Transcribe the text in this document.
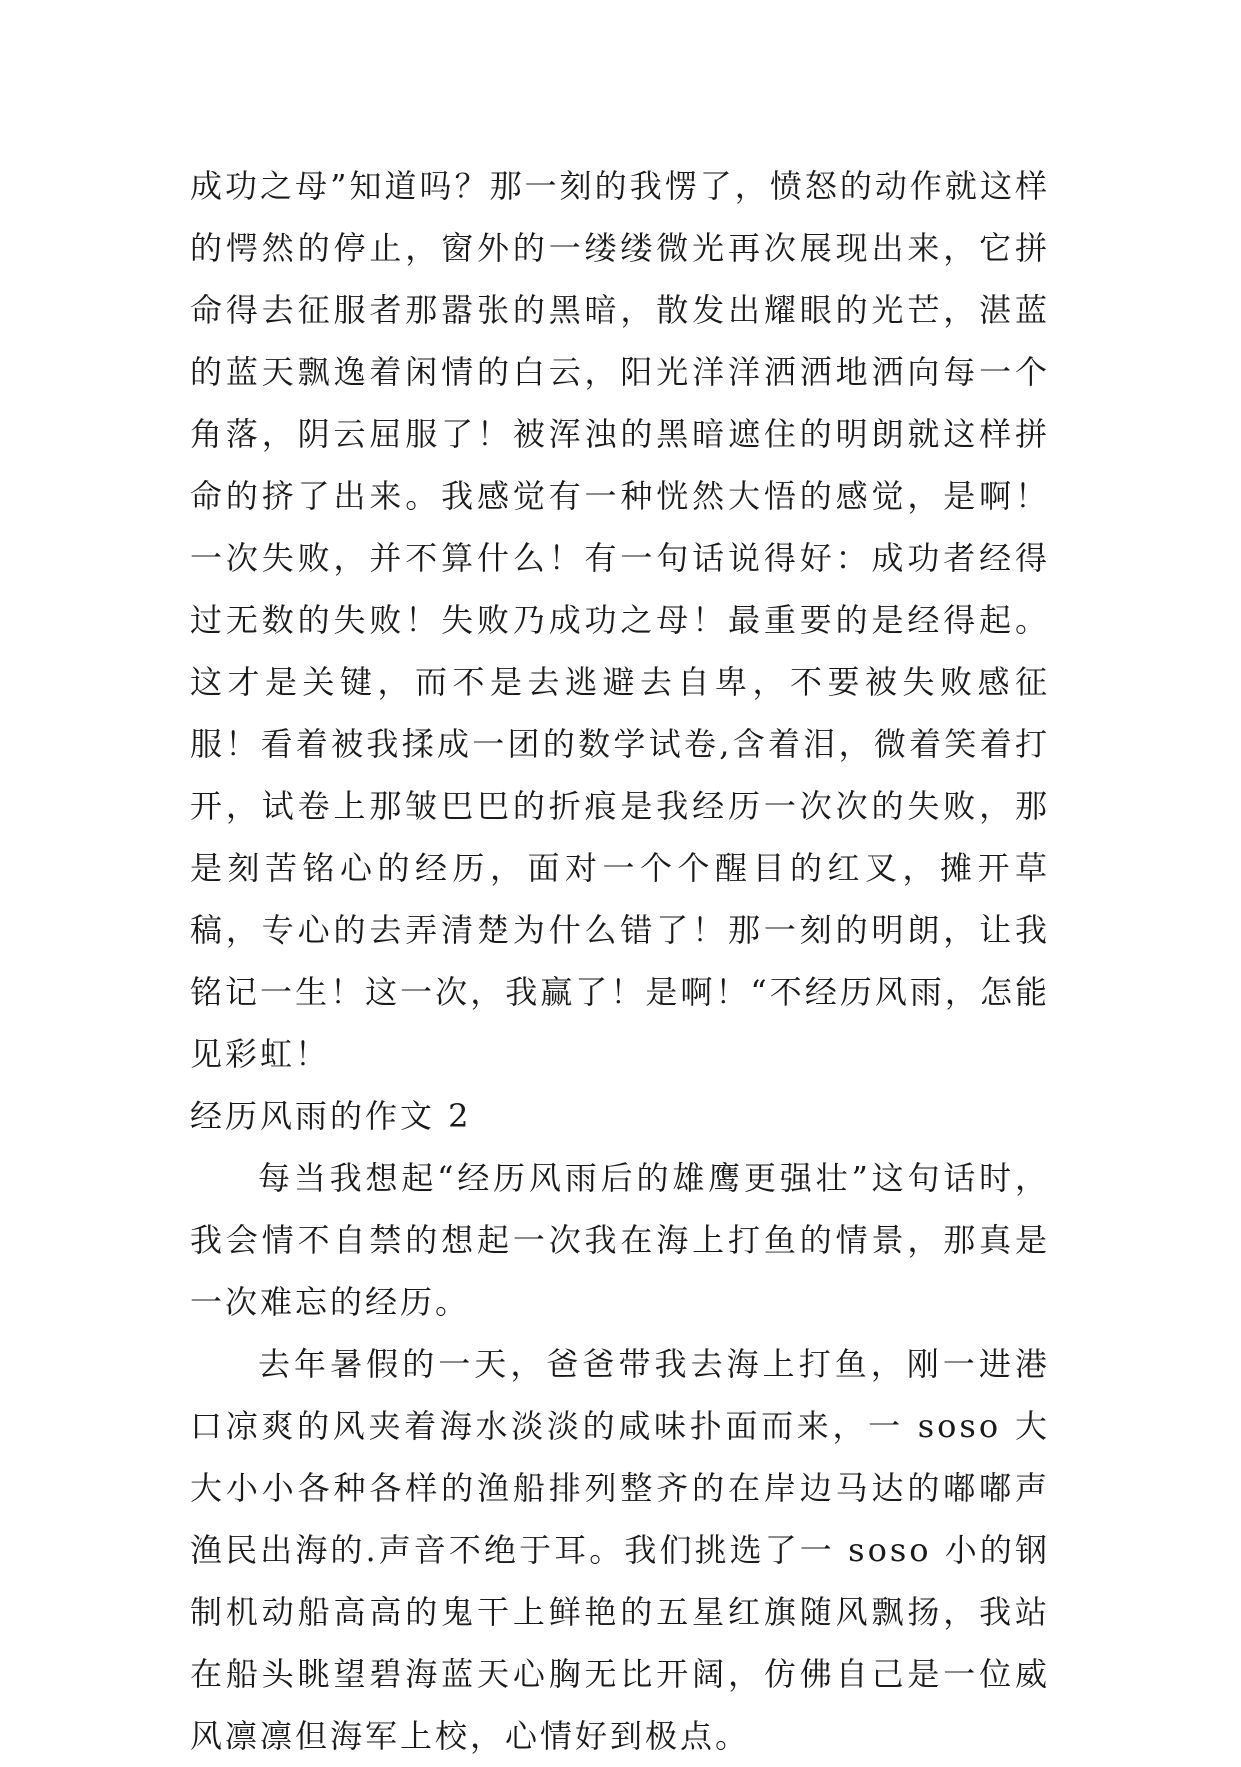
成功之母”知道吗？那一刻的我愣了，愤怒的动作就这样的愕然的停止，窗外的一缕缕微光再次展现出来，它拼命得去征服者那嚣张的黑暗，散发出耀眼的光芒，湛蓝的蓝天飘逸着闲情的白云，阳光洋洋洒洒地洒向每一个角落，阴云屈服了！被浑浊的黑暗遮住的明朗就这样拼命的挤了出来。我感觉有一种恍然大悟的感觉，是啊！一次失败，并不算什么！有一句话说得好：成功者经得过无数的失败！失败乃成功之母！最重要的是经得起。这才是关键，而不是去逃避去自卑，不要被失败感征服！看着被我揉成一团的数学试卷,含着泪，微着笑着打开，试卷上那皱巴巴的折痕是我经历一次次的失败，那是刻苦铭心的经历，面对一个个醒目的红叉，摊开草稿，专心的去弄清楚为什么错了！那一刻的明朗，让我铭记一生！这一次，我赢了！是啊！“不经历风雨，怎能见彩虹！

经历风雨的作文 2

每当我想起“经历风雨后的雄鹰更强壮”这句话时，我会情不自禁的想起一次我在海上打鱼的情景，那真是一次难忘的经历。

去年暑假的一天，爸爸带我去海上打鱼，刚一进港口凉爽的风夹着海水淡淡的咸味扑面而来，一 soso 大大小小各种各样的渔船排列整齐的在岸边马达的嘟嘟声渔民出海的.声音不绝于耳。我们挑选了一 soso 小的钢制机动船高高的鬼干上鲜艳的五星红旗随风飘扬，我站在船头眺望碧海蓝天心胸无比开阔，仿佛自己是一位威风凛凛但海军上校，心情好到极点。
